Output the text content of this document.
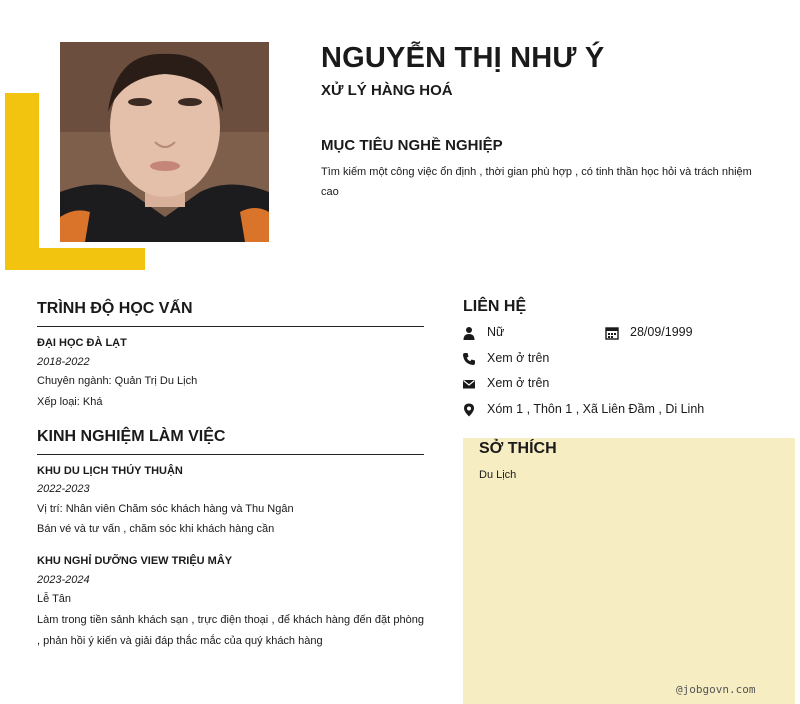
NGUYỄN THỊ NHƯ Ý
XỬ LÝ HÀNG HOÁ
MỤC TIÊU NGHỀ NGHIỆP
Tìm kiếm một công việc ổn định , thời gian phù hợp , có tinh thần học hỏi và trách nhiệm cao
TRÌNH ĐỘ HỌC VẤN
ĐẠI HỌC ĐÀ LẠT
2018-2022
Chuyên ngành: Quản Trị Du Lịch
Xếp loại: Khá
KINH NGHIỆM LÀM VIỆC
KHU DU LỊCH THÚY THUẬN
2022-2023
Vị trí: Nhân viên Chăm sóc khách hàng và Thu Ngân
Bán vé và tư vấn , chăm sóc khi khách hàng cần
KHU NGHỈ DƯỠNG VIEW TRIỆU MÂY
2023-2024
Lễ Tân
Làm trong tiền sảnh khách sạn , trực điện thoại , để khách hàng đến đặt phòng , phản hồi ý kiến và giải đáp thắc mắc của quý khách hàng
LIÊN HỆ
Nữ	28/09/1999
Xem ở trên
Xem ở trên
Xóm 1 , Thôn 1 , Xã Liên Đầm , Di Linh
SỞ THÍCH
Du Lịch
@jobgovn.com
